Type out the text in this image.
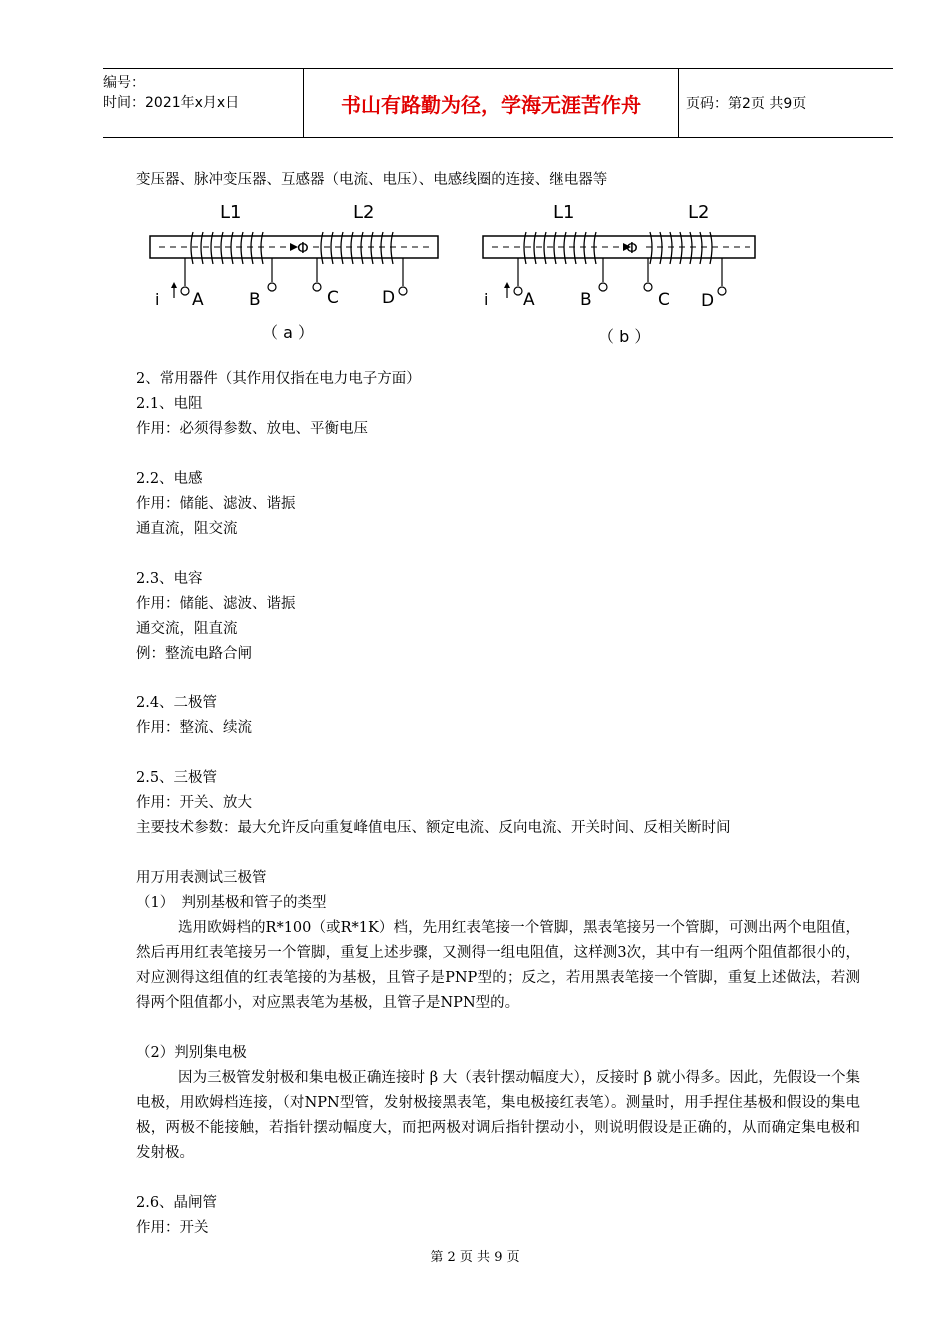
编号：
时间：2021年x月x日	书山有路勤为径，学海无涯苦作舟	页码：第2页 共9页
变压器、脉冲变压器、互感器（电流、电压）、电感线圈的连接、继电器等
L1	L2
Φ
i A	B	C	D
（ a ）
L1	L2
Φ
i A	B	C D
（ b ）
2、常用器件（其作用仅指在电力电子方面）
2.1、电阻
作用：必须得参数、放电、平衡电压
2.2、电感
作用：储能、滤波、谐振
通直流，阻交流
2.3、电容
作用：储能、滤波、谐振
通交流，阻直流
例：整流电路合闸
2.4、二极管
作用：整流、续流
2.5、三极管
作用：开关、放大
主要技术参数：最大允许反向重复峰值电压、额定电流、反向电流、开关时间、反相关断时间
用万用表测试三极管
（1）　判别基极和管子的类型
选用欧姆档的R*100（或R*1K）档，先用红表笔接一个管脚，黑表笔接另一个管脚，可测出两个电阻值，然后再用红表笔接另一个管脚，重复上述步骤，又测得一组电阻值，这样测3次，其中有一组两个阻值都很小的，对应测得这组值的红表笔接的为基极，且管子是PNP型的；反之，若用黑表笔接一个管脚，重复上述做法，若测得两个阻值都小，对应黑表笔为基极，且管子是NPN型的。
（2）判别集电极
因为三极管发射极和集电极正确连接时 β 大（表针摆动幅度大），反接时 β 就小得多。因此，先假设一个集电极，用欧姆档连接，（对NPN型管，发射极接黑表笔，集电极接红表笔）。测量时，用手捏住基极和假设的集电极，两极不能接触，若指针摆动幅度大，而把两极对调后指针摆动小，则说明假设是正确的，从而确定集电极和发射极。
2.6、晶闸管
作用：开关
第 2 页 共 9 页
